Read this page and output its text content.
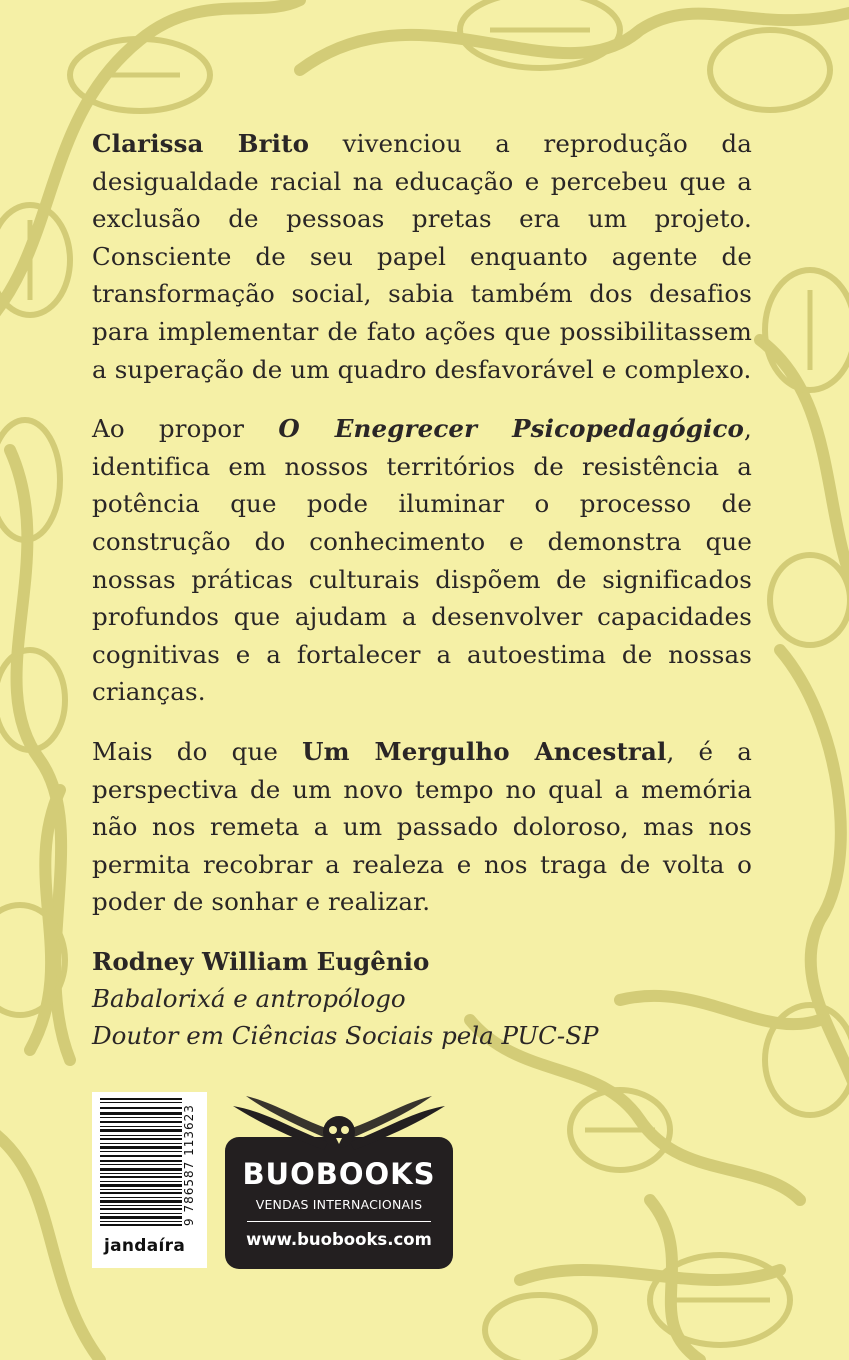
Clarissa Brito vivenciou a reprodução da desigualdade racial na educação e percebeu que a exclusão de pessoas pretas era um projeto. Consciente de seu papel enquanto agente de transformação social, sabia também dos desafios para implementar de fato ações que possibilitassem a superação de um quadro desfavorável e complexo.

Ao propor O Enegrecer Psicopedagógico, identifica em nossos territórios de resistência a potência que pode iluminar o processo de construção do conhecimento e demonstra que nossas práticas culturais dispõem de significados profundos que ajudam a desenvolver capacidades cognitivas e a fortalecer a autoestima de nossas crianças.

Mais do que Um Mergulho Ancestral, é a perspectiva de um novo tempo no qual a memória não nos remeta a um passado doloroso, mas nos permita recobrar a realeza e nos traga de volta o poder de sonhar e realizar.

Rodney William Eugênio
Babalorixá e antropólogo
Doutor em Ciências Sociais pela PUC-SP
9 786587 113623
jandaíra
BUOBOOKS
VENDAS INTERNACIONAIS
www.buobooks.com
